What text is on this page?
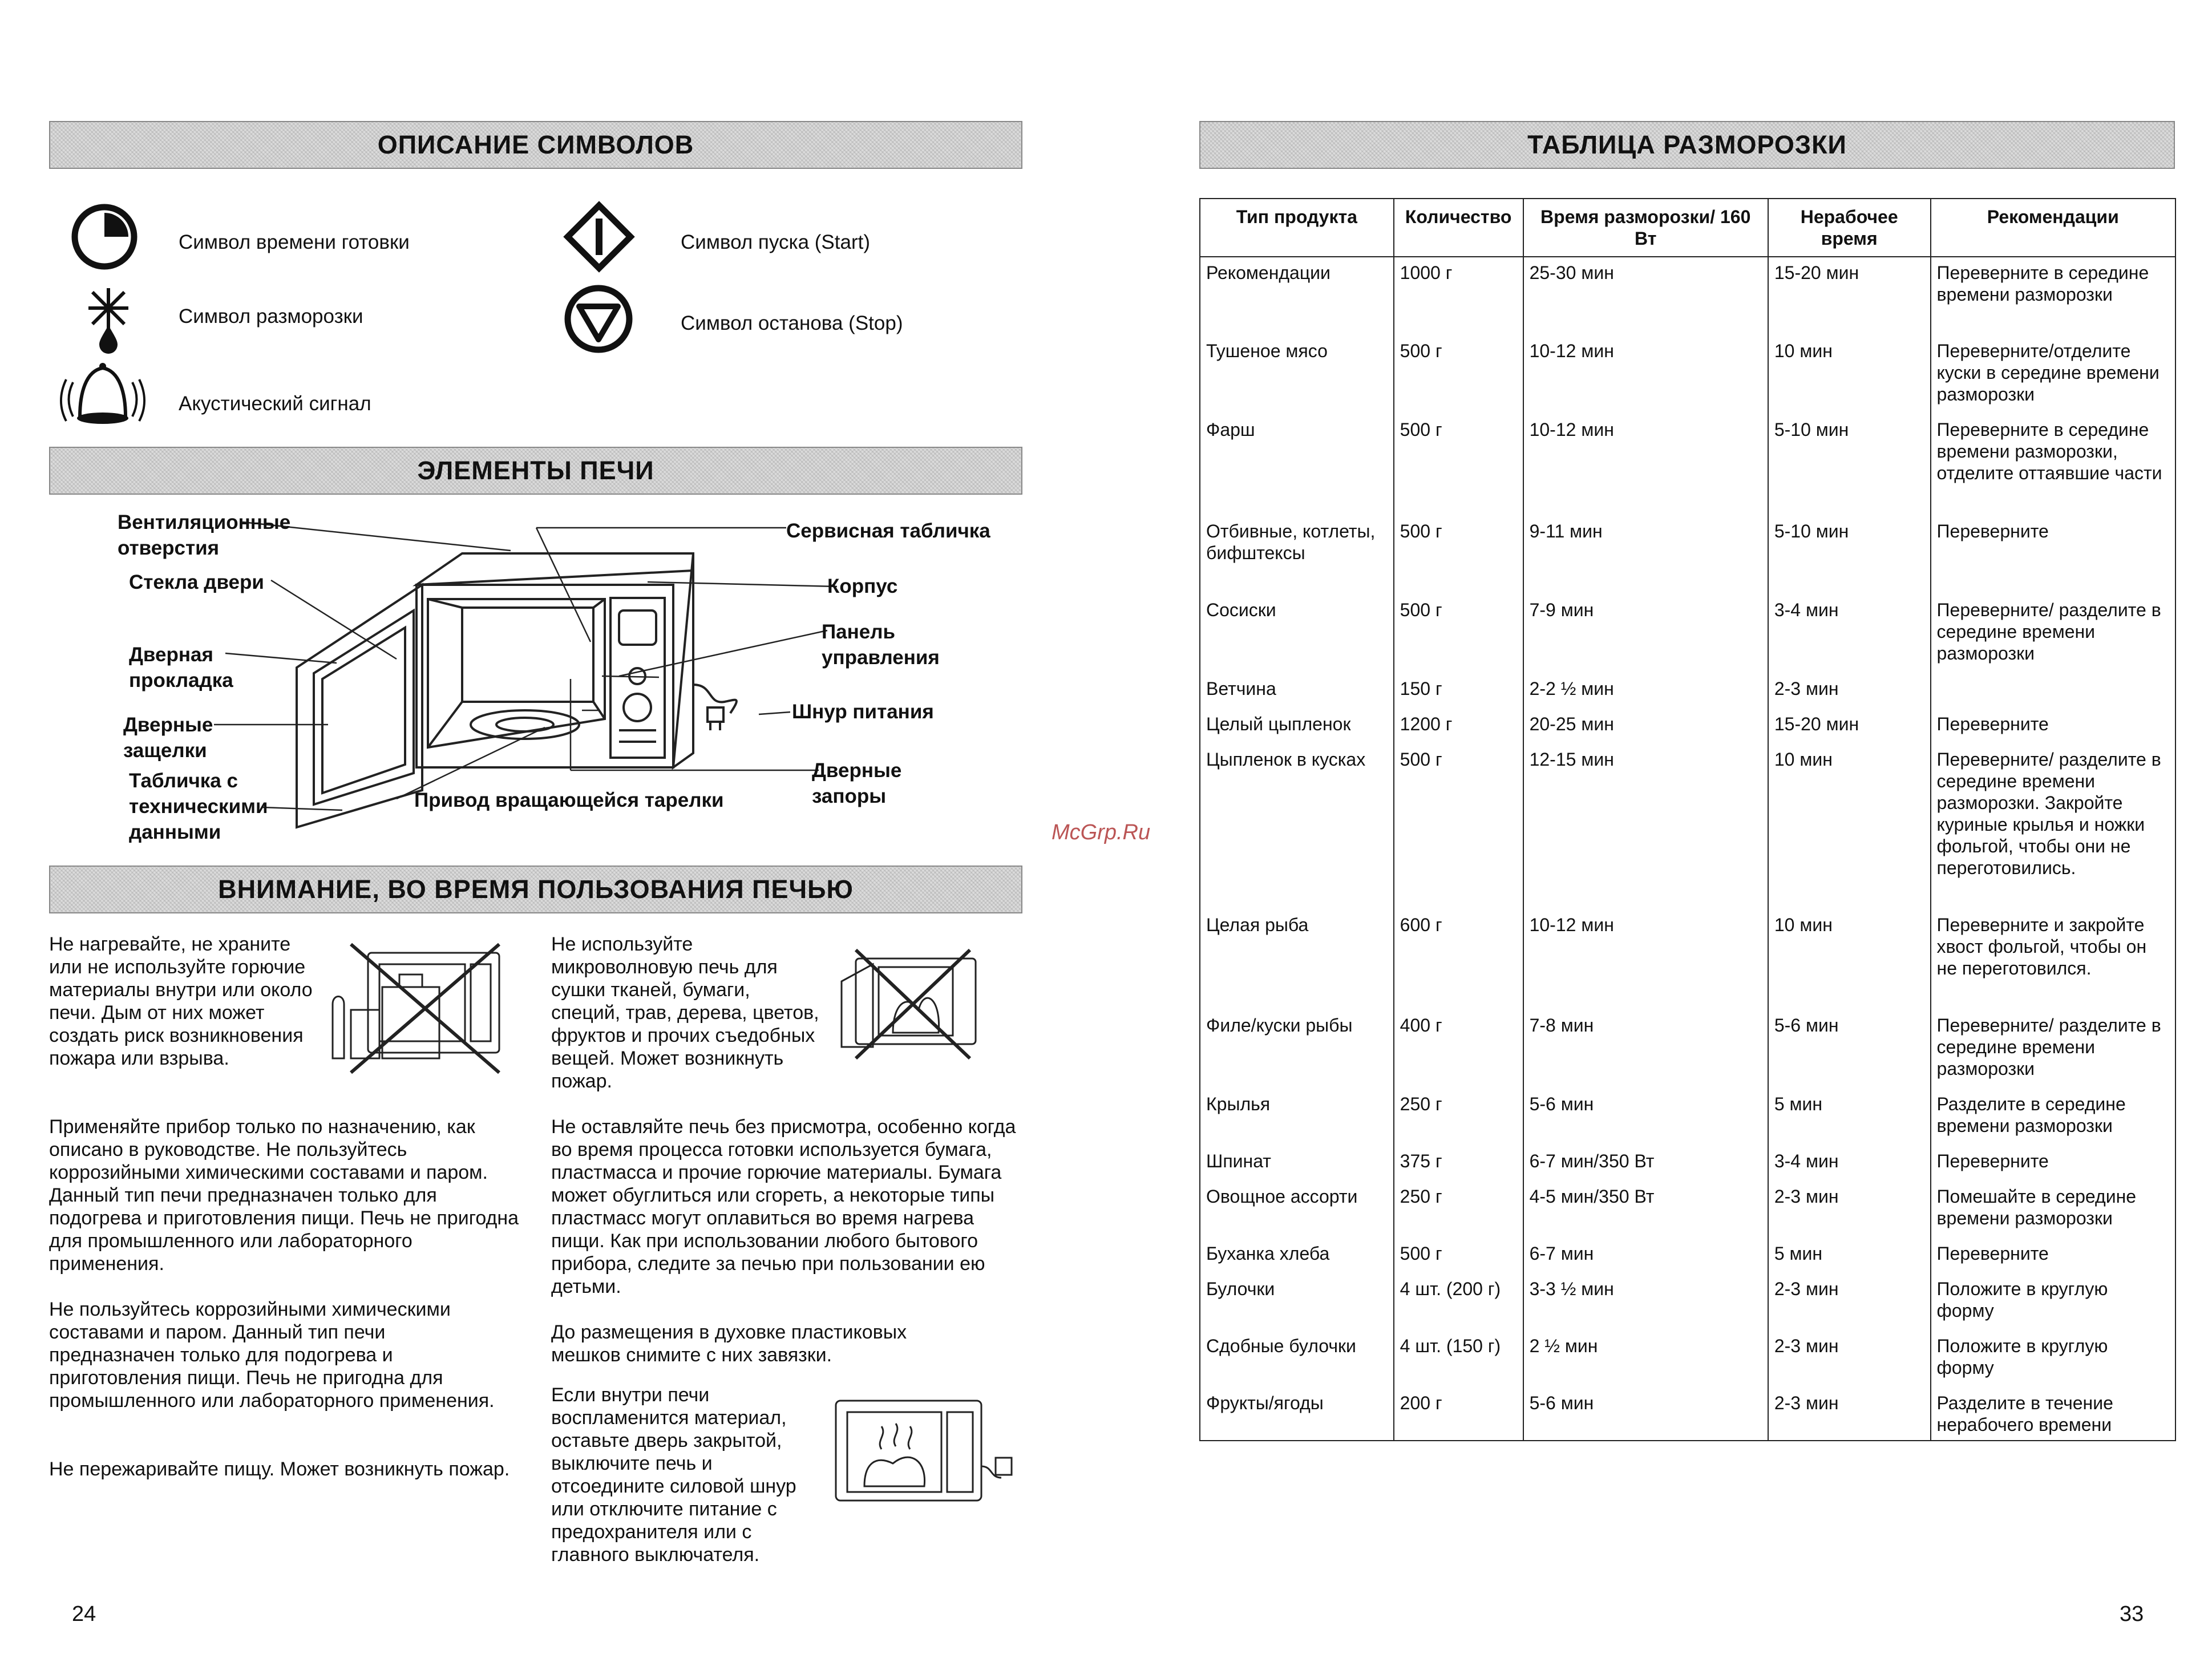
ОПИСАНИЕ СИМВОЛОВ
Символ времени готовки
Символ разморозки
Акустический сигнал
Символ пуска (Start)
Символ останова (Stop)
ЭЛЕМЕНТЫ ПЕЧИ
Вентиляционные отверстия
Стекла двери
Дверная прокладка
Дверные защелки
Табличка с техническими данными
Сервисная табличка
Корпус
Панель управления
Шнур питания
Дверные запоры
Привод вращающейся тарелки
ВНИМАНИЕ, ВО ВРЕМЯ ПОЛЬЗОВАНИЯ ПЕЧЬЮ

Не нагревайте, не храните или не используйте горючие материалы внутри или около печи. Дым от них может создать риск возникновения пожара или взрыва.

Применяйте прибор только по назначению, как описано в руководстве. Не пользуйтесь коррозийными химическими составами и паром. Данный тип печи предназначен только для подогрева и приготовления пищи. Печь не пригодна для промышленного или лабораторного применения.

Не пользуйтесь коррозийными химическими составами и паром. Данный тип печи предназначен только для подогрева и приготовления пищи. Печь не пригодна для промышленного или лабораторного применения.

Не пережаривайте пищу. Может возникнуть пожар.

Не используйте микроволновую печь для сушки тканей, бумаги, специй, трав, дерева, цветов, фруктов и прочих съедобных вещей. Может возникнуть пожар.

Не оставляйте печь без присмотра, особенно когда во время процесса готовки используется бумага, пластмасса и прочие горючие материалы. Бумага может обуглиться или сгореть, а некоторые типы пластмасс могут оплавиться во время нагрева пищи. Как при использовании любого бытового прибора, следите за печью при пользовании ею детьми.

До размещения в духовке пластиковых мешков снимите с них завязки.

Если внутри печи воспламенится материал, оставьте дверь закрытой, выключите печь и отсоедините силовой шнур или отключите питание с предохранителя или с главного выключателя.

24
McGrp.Ru
ТАБЛИЦА РАЗМОРОЗКИ
Тип продукта	Количество	Время разморозки/ 160 Вт	Нерабочее время	Рекомендации
Рекомендации	1000 г	25-30 мин	15-20 мин	Переверните в середине времени разморозки
Тушеное мясо	500 г	10-12 мин	10 мин	Переверните/отделите куски в середине времени разморозки
Фарш	500 г	10-12 мин	5-10 мин	Переверните в середине времени разморозки, отделите оттаявшие части
Отбивные, котлеты, бифштексы	500 г	9-11 мин	5-10 мин	Переверните
Сосиски	500 г	7-9 мин	3-4 мин	Переверните/ разделите в середине времени разморозки
Ветчина	150 г	2-2 ½ мин	2-3 мин	
Целый цыпленок	1200 г	20-25 мин	15-20 мин	Переверните
Цыпленок в кусках	500 г	12-15 мин	10 мин	Переверните/ разделите в середине времени разморозки. Закройте куриные крылья и ножки фольгой, чтобы они не переготовились.
Целая рыба	600 г	10-12 мин	10 мин	Переверните и закройте хвост фольгой, чтобы он не переготовился.
Филе/куски рыбы	400 г	7-8 мин	5-6 мин	Переверните/ разделите в середине времени разморозки
Крылья	250 г	5-6 мин	5 мин	Разделите в середине времени разморозки
Шпинат	375 г	6-7 мин/350 Вт	3-4 мин	Переверните
Овощное ассорти	250 г	4-5 мин/350 Вт	2-3 мин	Помешайте в середине времени разморозки
Буханка хлеба	500 г	6-7 мин	5 мин	Переверните
Булочки	4 шт. (200 г)	3-3 ½ мин	2-3 мин	Положите в круглую форму
Сдобные булочки	4 шт. (150 г)	2 ½ мин	2-3 мин	Положите в круглую форму
Фрукты/ягоды	200 г	5-6 мин	2-3 мин	Разделите в течение нерабочего времени
33
